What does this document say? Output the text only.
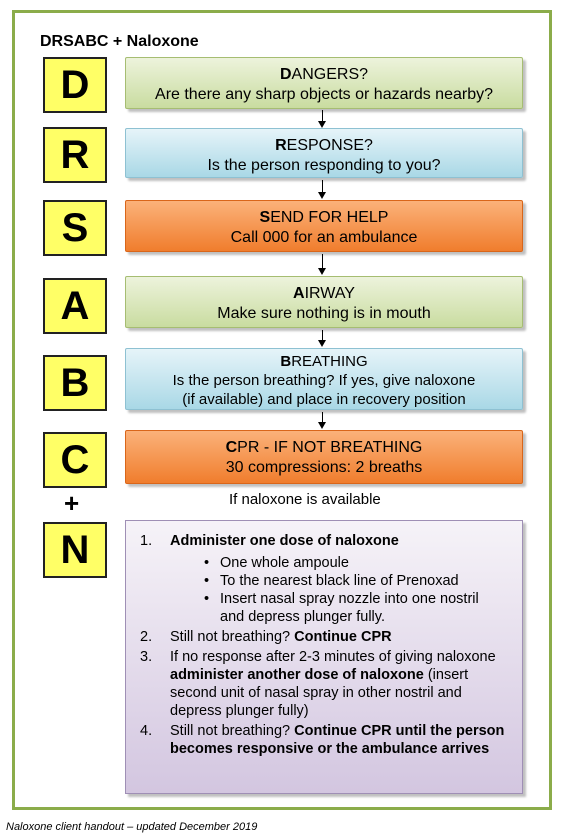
DRSABC + Naloxone
D
R
S
A
B
C
N
DANGERS?
Are there any sharp objects or hazards nearby?
RESPONSE?
Is the person responding to you?
SEND FOR HELP
Call 000 for an ambulance
AIRWAY
Make sure nothing is in mouth
BREATHING
Is the person breathing? If yes, give naloxone
(if available) and place in recovery position
CPR - IF NOT BREATHING
30 compressions: 2 breaths
+	If naloxone is available
1. Administer one dose of naloxone
• One whole ampoule
• To the nearest black line of Prenoxad
• Insert nasal spray nozzle into one nostril and depress plunger fully.
2. Still not breathing? Continue CPR
3. If no response after 2-3 minutes of giving naloxone administer another dose of naloxone (insert second unit of nasal spray in other nostril and depress plunger fully)
4. Still not breathing? Continue CPR until the person becomes responsive or the ambulance arrives
Naloxone client handout – updated December 2019
